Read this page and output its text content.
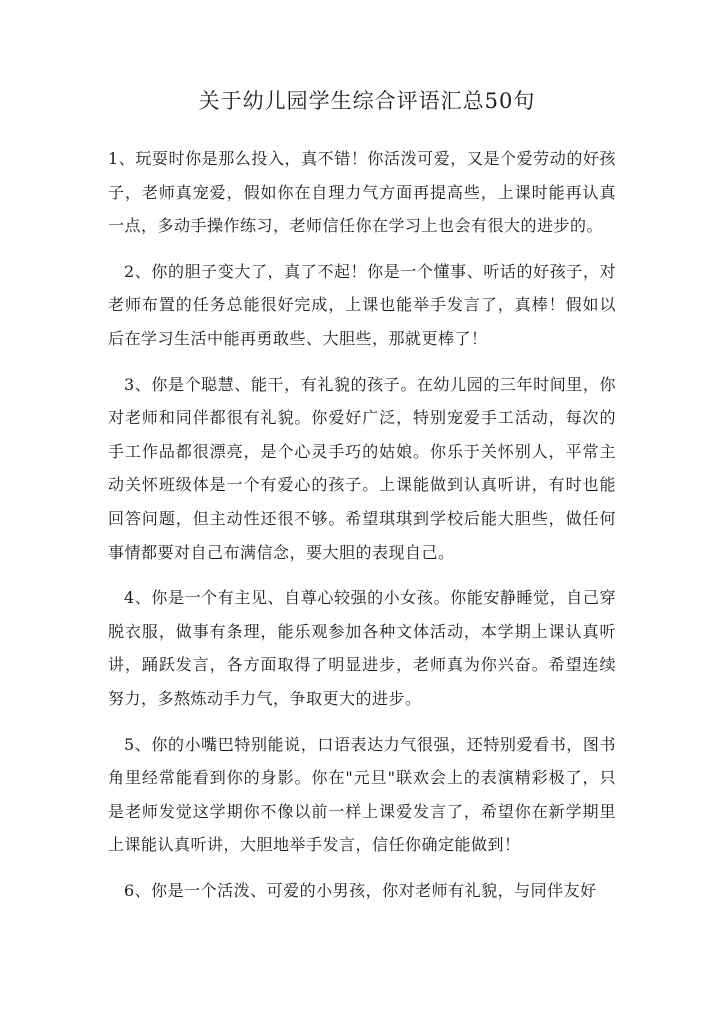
关于幼儿园学生综合评语汇总50句

1、玩耍时你是那么投入，真不错！你活泼可爱，又是个爱劳动的好孩子，老师真宠爱，假如你在自理力气方面再提高些，上课时能再认真一点，多动手操作练习，老师信任你在学习上也会有很大的进步的。

2、你的胆子变大了，真了不起！你是一个懂事、听话的好孩子，对老师布置的任务总能很好完成，上课也能举手发言了，真棒！假如以后在学习生活中能再勇敢些、大胆些，那就更棒了！

3、你是个聪慧、能干，有礼貌的孩子。在幼儿园的三年时间里，你对老师和同伴都很有礼貌。你爱好广泛，特别宠爱手工活动，每次的手工作品都很漂亮，是个心灵手巧的姑娘。你乐于关怀别人，平常主动关怀班级体是一个有爱心的孩子。上课能做到认真听讲，有时也能回答问题，但主动性还很不够。希望琪琪到学校后能大胆些，做任何事情都要对自己布满信念，要大胆的表现自己。

4、你是一个有主见、自尊心较强的小女孩。你能安静睡觉，自己穿脱衣服，做事有条理，能乐观参加各种文体活动，本学期上课认真听讲，踊跃发言，各方面取得了明显进步，老师真为你兴奋。希望连续努力，多熬炼动手力气，争取更大的进步。

5、你的小嘴巴特别能说，口语表达力气很强，还特别爱看书，图书角里经常能看到你的身影。你在"元旦"联欢会上的表演精彩极了，只是老师发觉这学期你不像以前一样上课爱发言了，希望你在新学期里上课能认真听讲，大胆地举手发言，信任你确定能做到！

6、你是一个活泼、可爱的小男孩，你对老师有礼貌，与同伴友好
